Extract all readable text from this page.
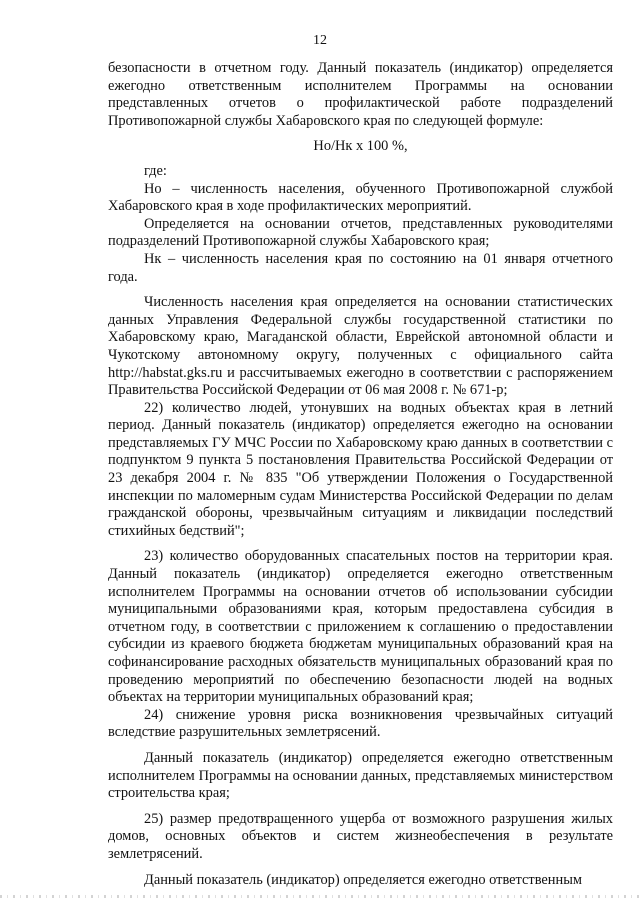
12

безопасности в отчетном году. Данный показатель (индикатор) определяется ежегодно ответственным исполнителем Программы на основании представленных отчетов о профилактической работе подразделений Противопожарной службы Хабаровского края по следующей формуле:

Но/Нк х 100 %,

где:

Но – численность населения, обученного Противопожарной службой Хабаровского края в ходе профилактических мероприятий.

Определяется на основании отчетов, представленных руководителями подразделений Противопожарной службы Хабаровского края;

Нк – численность населения края по состоянию на 01 января отчетного года.

Численность населения края определяется на основании статистических данных Управления Федеральной службы государственной статистики по Хабаровскому краю, Магаданской области, Еврейской автономной области и Чукотскому автономному округу, полученных с официального сайта http://habstat.gks.ru и рассчитываемых ежегодно в соответствии с распоряжением Правительства Российской Федерации от 06 мая 2008 г. № 671-р;

22) количество людей, утонувших на водных объектах края в летний период. Данный показатель (индикатор) определяется ежегодно на основании представляемых ГУ МЧС России по Хабаровскому краю данных в соответствии с подпунктом 9 пункта 5 постановления Правительства Российской Федерации от 23 декабря 2004 г. № 835 "Об утверждении Положения о Государственной инспекции по маломерным судам Министерства Российской Федерации по делам гражданской обороны, чрезвычайным ситуациям и ликвидации последствий стихийных бедствий";

23) количество оборудованных спасательных постов на территории края. Данный показатель (индикатор) определяется ежегодно ответственным исполнителем Программы на основании отчетов об использовании субсидии муниципальными образованиями края, которым предоставлена субсидия в отчетном году, в соответствии с приложением к соглашению о предоставлении субсидии из краевого бюджета бюджетам муниципальных образований края на софинансирование расходных обязательств муниципальных образований края по проведению мероприятий по обеспечению безопасности людей на водных объектах на территории муниципальных образований края;

24) снижение уровня риска возникновения чрезвычайных ситуаций вследствие разрушительных землетрясений.

Данный показатель (индикатор) определяется ежегодно ответственным исполнителем Программы на основании данных, представляемых министерством строительства края;

25) размер предотвращенного ущерба от возможного разрушения жилых домов, основных объектов и систем жизнеобеспечения в результате землетрясений.

Данный показатель (индикатор) определяется ежегодно ответственным
